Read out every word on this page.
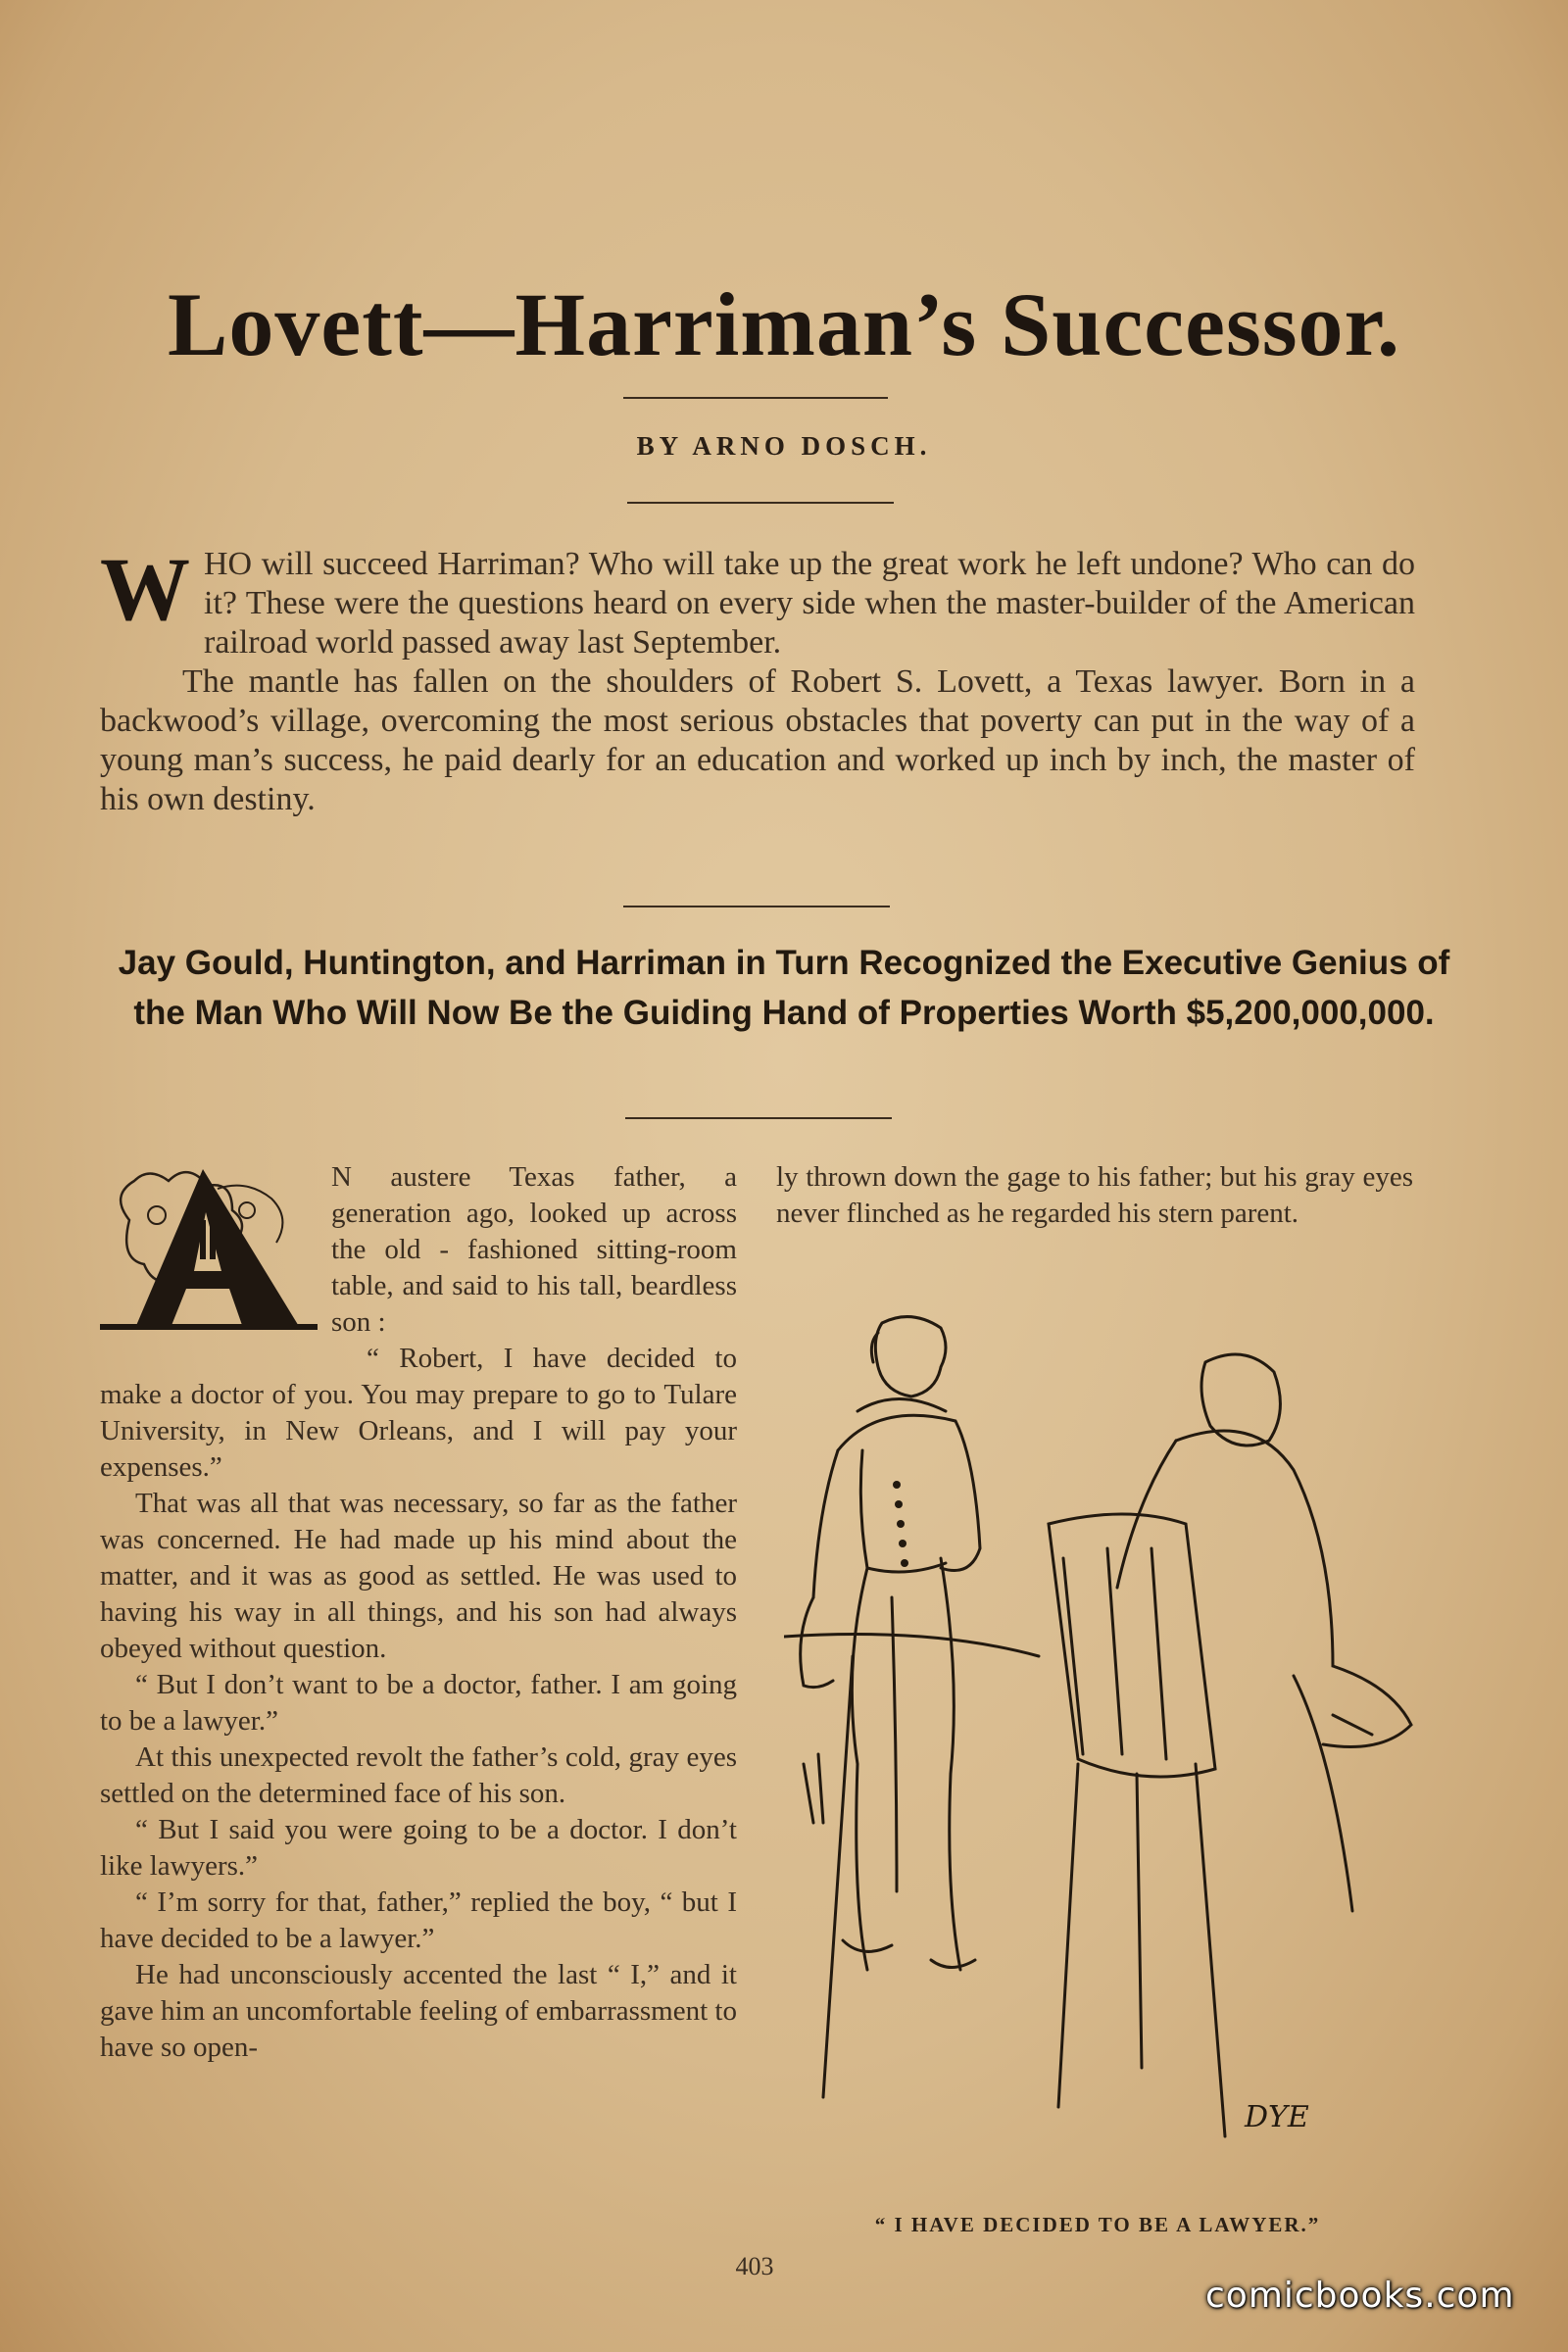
Lovett—Harriman’s Successor.
BY ARNO DOSCH.

W HO will succeed Harriman? Who will take up the great work he left undone? Who can do it? These were the questions heard on every side when the master-builder of the American railroad world passed away last September.

The mantle has fallen on the shoulders of Robert S. Lovett, a Texas lawyer. Born in a backwood’s village, overcoming the most serious obstacles that poverty can put in the way of a young man’s success, he paid dearly for an education and worked up inch by inch, the master of his own destiny.

Jay Gould, Huntington, and Harriman in Turn Recognized the Executive Genius of the Man Who Will Now Be the Guiding Hand of Properties Worth $5,200,000,000.

N austere Texas father, a generation ago, looked up across the old - fashioned sitting-room table, and said to his tall, beardless son :

“ Robert, I have decided to make a doctor of you. You may prepare to go to Tulare University, in New Orleans, and I will pay your expenses.”

That was all that was necessary, so far as the father was concerned. He had made up his mind about the matter, and it was as good as settled. He was used to having his way in all things, and his son had always obeyed without question.

“ But I don’t want to be a doctor, father. I am going to be a lawyer.”

At this unexpected revolt the father’s cold, gray eyes settled on the determined face of his son.

“ But I said you were going to be a doctor. I don’t like lawyers.”

“ I’m sorry for that, father,” replied the boy, “ but I have decided to be a lawyer.”

He had unconsciously accented the last “ I,” and it gave him an uncomfortable feeling of embarrassment to have so open-

ly thrown down the gage to his father; but his gray eyes never flinched as he regarded his stern parent.

DYE
“ I HAVE DECIDED TO BE A LAWYER.”
403
comicbooks.com
